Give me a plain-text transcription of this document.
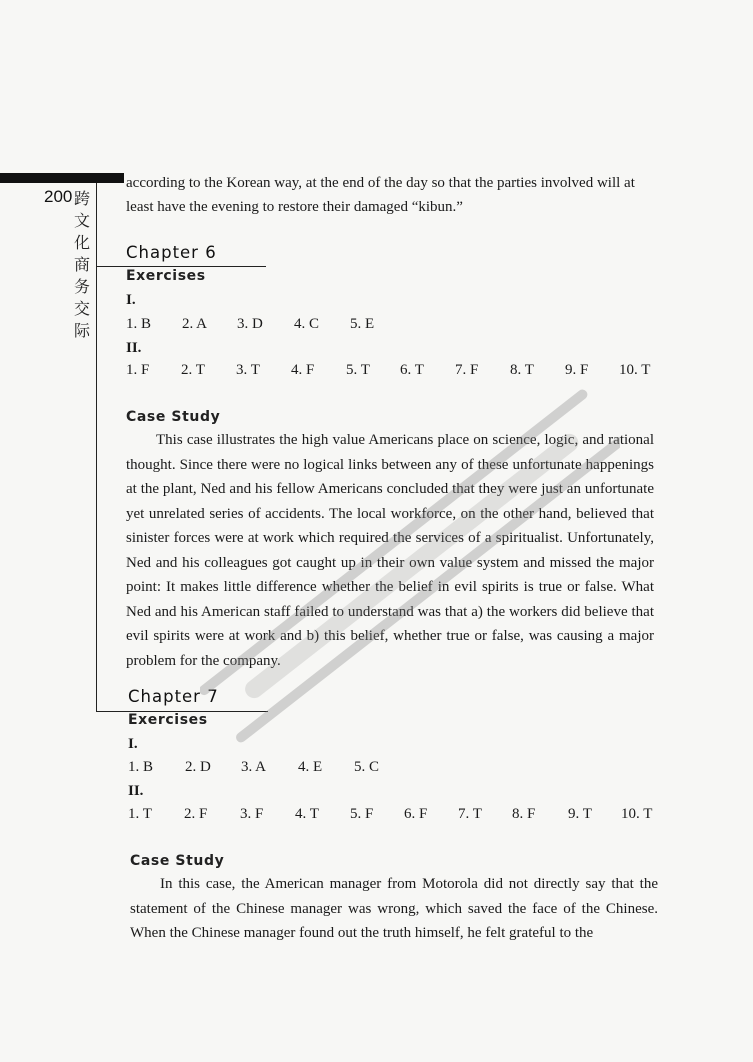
200 跨
文
化
商
务
交
际
according to the Korean way, at the end of the day so that the parties involved will at
least have the evening to restore their damaged “kibun.”
Chapter 6
Exercises
I.
1. B 2. A 3. D 4. C 5. E
II.
1. F 2. T 3. T 4. F 5. T 6. T 7. F 8. T 9. F 10. T
Case Study
This case illustrates the high value Americans place on science, logic, and rational thought. Since there were no logical links between any of these unfortunate happenings at the plant, Ned and his fellow Americans concluded that they were just an unfortunate yet unrelated series of accidents. The local workforce, on the other hand, believed that sinister forces were at work which required the services of a spiritualist. Unfortunately, Ned and his colleagues got caught up in their own value system and missed the major point: It makes little difference whether the belief in evil spirits is true or false. What Ned and his American staff failed to understand was that a) the workers did believe that evil spirits were at work and b) this belief, whether true or false, was causing a major problem for the company.
Chapter 7
Exercises
I.
1. B 2. D 3. A 4. E 5. C
II.
1. T 2. F 3. F 4. T 5. F 6. F 7. T 8. F 9. T 10. T
Case Study
In this case, the American manager from Motorola did not directly say that the statement of the Chinese manager was wrong, which saved the face of the Chinese. When the Chinese manager found out the truth himself, he felt grateful to the
